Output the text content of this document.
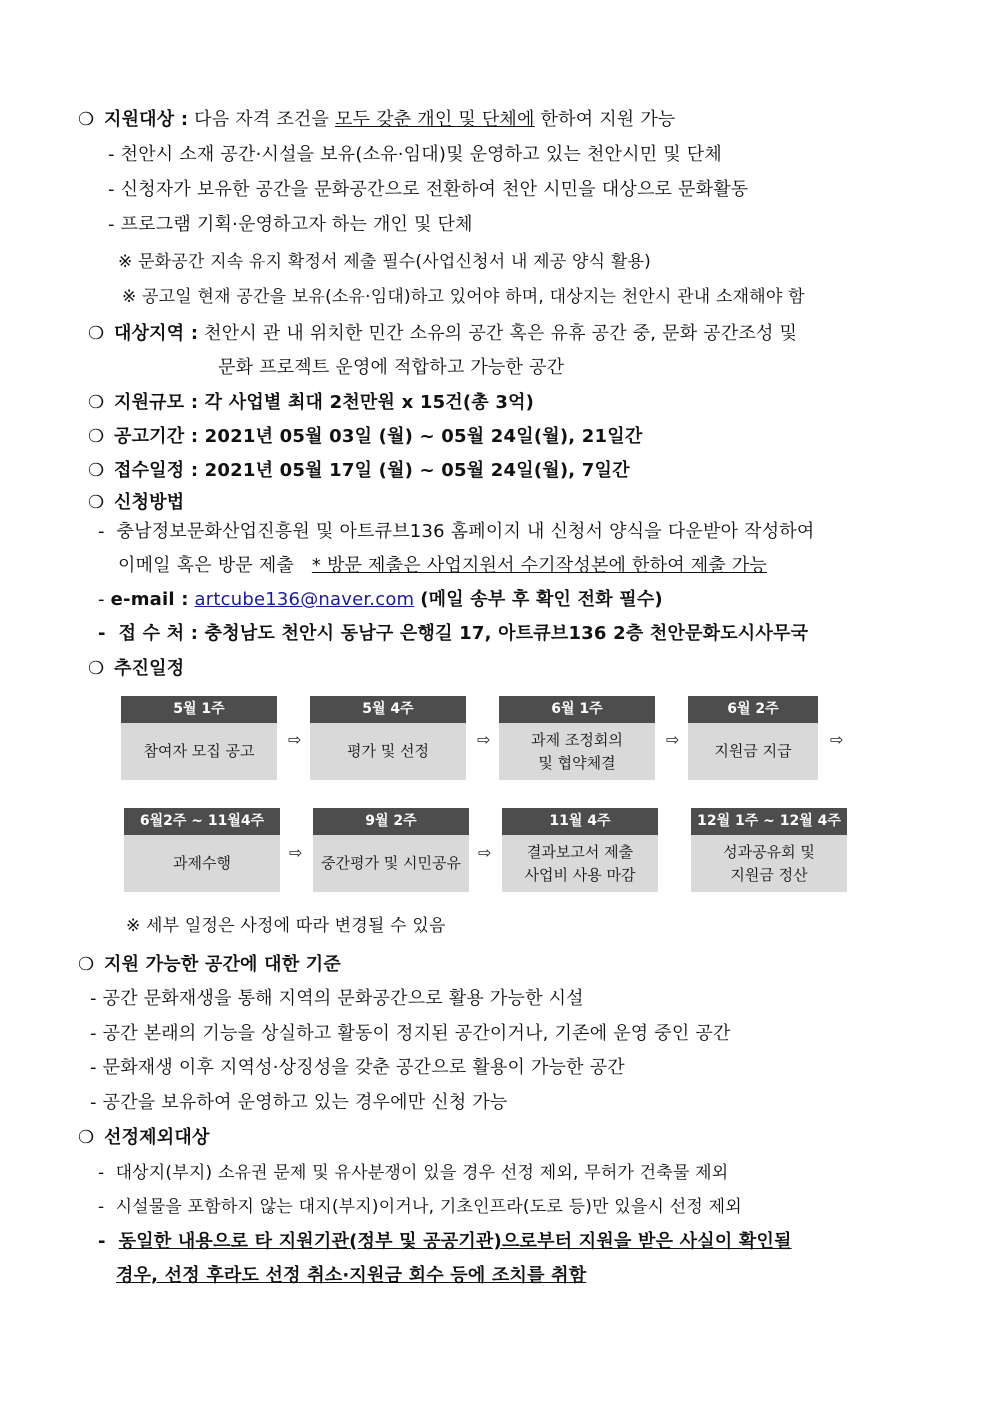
❍ 지원대상 : 다음 자격 조건을 모두 갖춘 개인 및 단체에 한하여 지원 가능
- 천안시 소재 공간·시설을 보유(소유·임대)및 운영하고 있는 천안시민 및 단체
- 신청자가 보유한 공간을 문화공간으로 전환하여 천안 시민을 대상으로 문화활동
- 프로그램 기획·운영하고자 하는 개인 및 단체
※ 문화공간 지속 유지 확정서 제출 필수(사업신청서 내 제공 양식 활용)
※ 공고일 현재 공간을 보유(소유·임대)하고 있어야 하며, 대상지는 천안시 관내 소재해야 함
❍ 대상지역 : 천안시 관 내 위치한 민간 소유의 공간 혹은 유휴 공간 중, 문화 공간조성 및
문화 프로젝트 운영에 적합하고 가능한 공간
❍ 지원규모 : 각 사업별 최대 2천만원 x 15건(총 3억)
❍ 공고기간 : 2021년 05월 03일 (월) ~ 05월 24일(월), 21일간
❍ 접수일정 : 2021년 05월 17일 (월) ~ 05월 24일(월), 7일간
❍ 신청방법
- 충남정보문화산업진흥원 및 아트큐브136 홈페이지 내 신청서 양식을 다운받아 작성하여
이메일 혹은 방문 제출 * 방문 제출은 사업지원서 수기작성본에 한하여 제출 가능
- e-mail : artcube136@naver.com (메일 송부 후 확인 전화 필수)
- 접 수 처 : 충청남도 천안시 동남구 은행길 17, 아트큐브136 2층 천안문화도시사무국
❍ 추진일정
5월 1주
참여자 모집 공고
⇨
5월 4주
평가 및 선정
⇨
6월 1주
과제 조정회의
및 협약체결
⇨
6월 2주
지원금 지급
⇨
6월2주 ~ 11월4주
과제수행
⇨
9월 2주
중간평가 및 시민공유
⇨
11월 4주
결과보고서 제출
사업비 사용 마감
12월 1주 ~ 12월 4주
성과공유회 및
지원금 정산
※ 세부 일정은 사정에 따라 변경될 수 있음
❍ 지원 가능한 공간에 대한 기준
- 공간 문화재생을 통해 지역의 문화공간으로 활용 가능한 시설
- 공간 본래의 기능을 상실하고 활동이 정지된 공간이거나, 기존에 운영 중인 공간
- 문화재생 이후 지역성·상징성을 갖춘 공간으로 활용이 가능한 공간
- 공간을 보유하여 운영하고 있는 경우에만 신청 가능
❍ 선정제외대상
- 대상지(부지) 소유권 문제 및 유사분쟁이 있을 경우 선정 제외, 무허가 건축물 제외
- 시설물을 포함하지 않는 대지(부지)이거나, 기초인프라(도로 등)만 있을시 선정 제외
- 동일한 내용으로 타 지원기관(정부 및 공공기관)으로부터 지원을 받은 사실이 확인될
경우, 선정 후라도 선정 취소·지원금 회수 등에 조치를 취함
